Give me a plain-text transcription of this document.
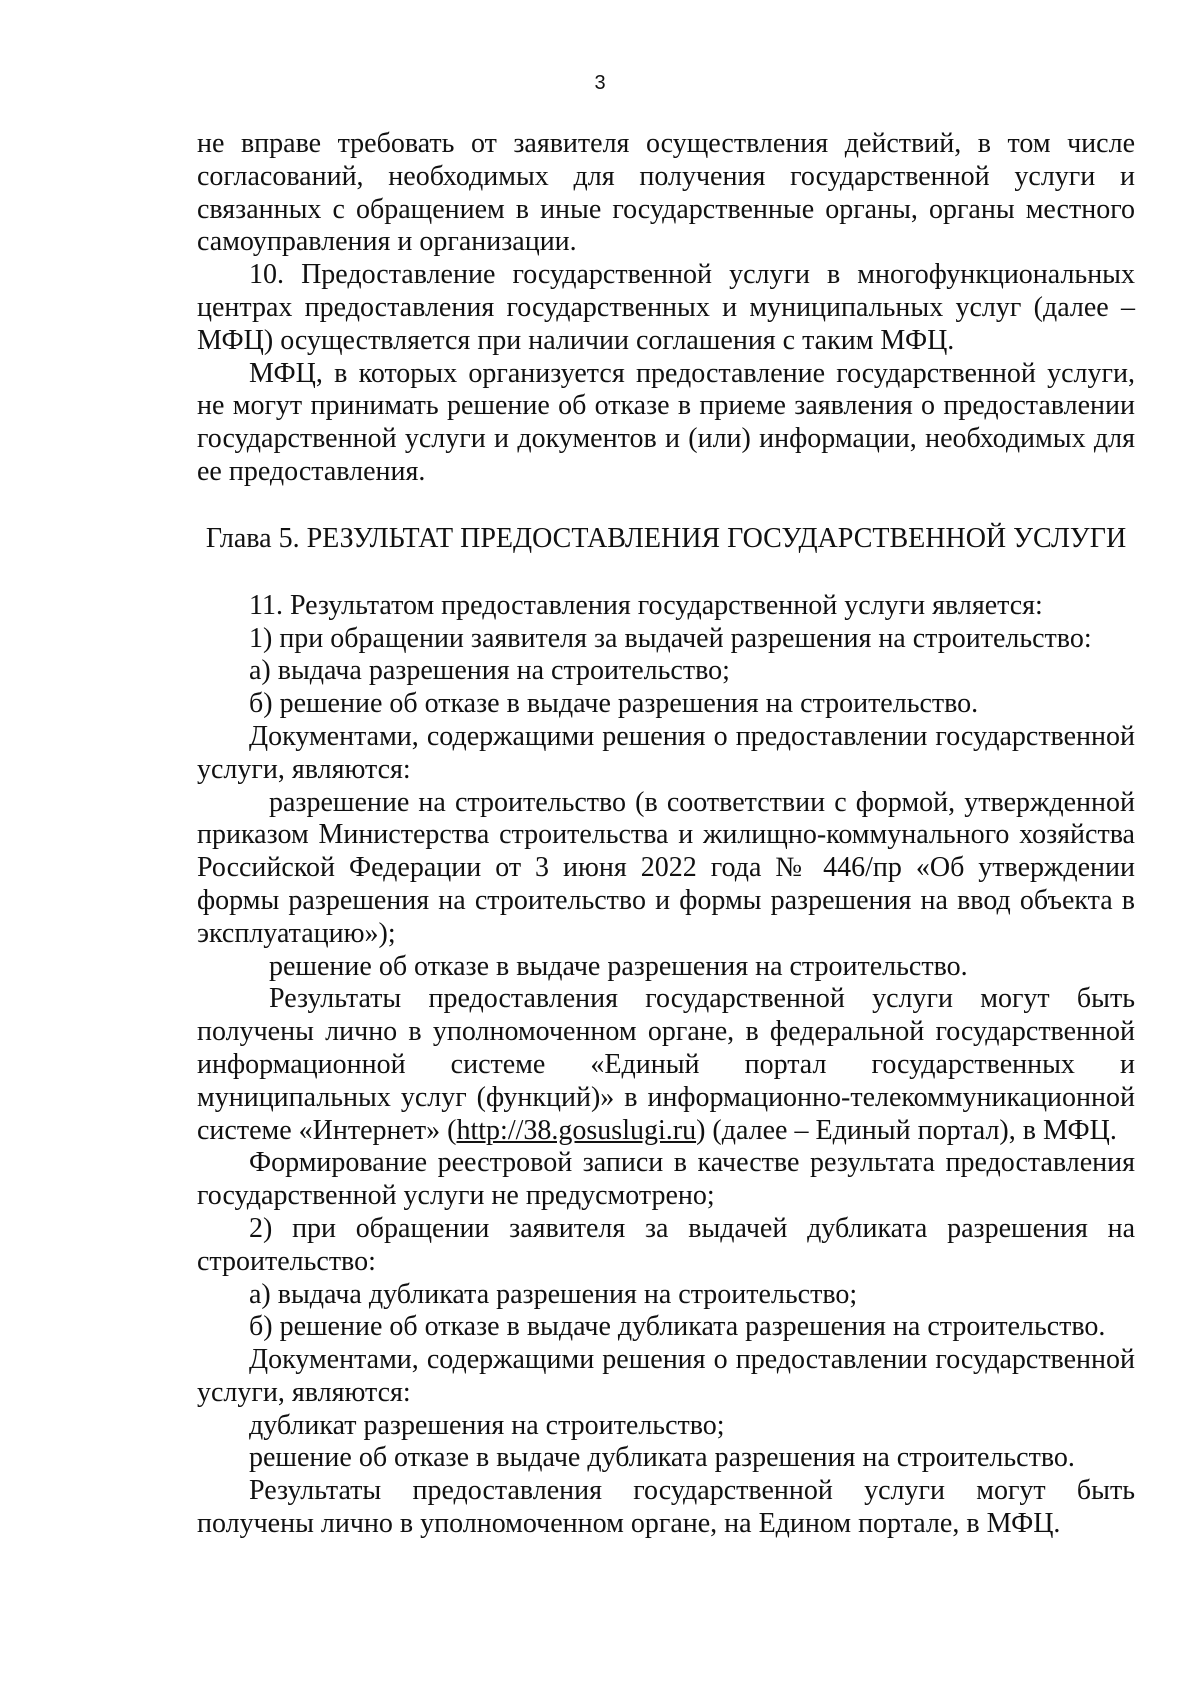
3

не вправе требовать от заявителя осуществления действий, в том числе согласований, необходимых для получения государственной услуги и связанных с обращением в иные государственные органы, органы местного самоуправления и организации.

10. Предоставление государственной услуги в многофункциональных центрах предоставления государственных и муниципальных услуг (далее – МФЦ) осуществляется при наличии соглашения с таким МФЦ.

МФЦ, в которых организуется предоставление государственной услуги, не могут принимать решение об отказе в приеме заявления о предоставлении государственной услуги и документов и (или) информации, необходимых для ее предоставления.

Глава 5. РЕЗУЛЬТАТ ПРЕДОСТАВЛЕНИЯ ГОСУДАРСТВЕННОЙ УСЛУГИ

11. Результатом предоставления государственной услуги является:

1) при обращении заявителя за выдачей разрешения на строительство:

а) выдача разрешения на строительство;

б) решение об отказе в выдаче разрешения на строительство.

Документами, содержащими решения о предоставлении государственной услуги, являются:

разрешение на строительство (в соответствии с формой, утвержденной приказом Министерства строительства и жилищно-коммунального хозяйства Российской Федерации от 3 июня 2022 года № 446/пр «Об утверждении формы разрешения на строительство и формы разрешения на ввод объекта в эксплуатацию»);

решение об отказе в выдаче разрешения на строительство.

Результаты предоставления государственной услуги могут быть получены лично в уполномоченном органе, в федеральной государственной информационной системе «Единый портал государственных и муниципальных услуг (функций)» в информационно-телекоммуникационной системе «Интернет» (http://38.gosuslugi.ru) (далее – Единый портал), в МФЦ.

Формирование реестровой записи в качестве результата предоставления государственной услуги не предусмотрено;

2) при обращении заявителя за выдачей дубликата разрешения на строительство:

а) выдача дубликата разрешения на строительство;

б) решение об отказе в выдаче дубликата разрешения на строительство.

Документами, содержащими решения о предоставлении государственной услуги, являются:

дубликат разрешения на строительство;

решение об отказе в выдаче дубликата разрешения на строительство.

Результаты предоставления государственной услуги могут быть получены лично в уполномоченном органе, на Едином портале, в МФЦ.
